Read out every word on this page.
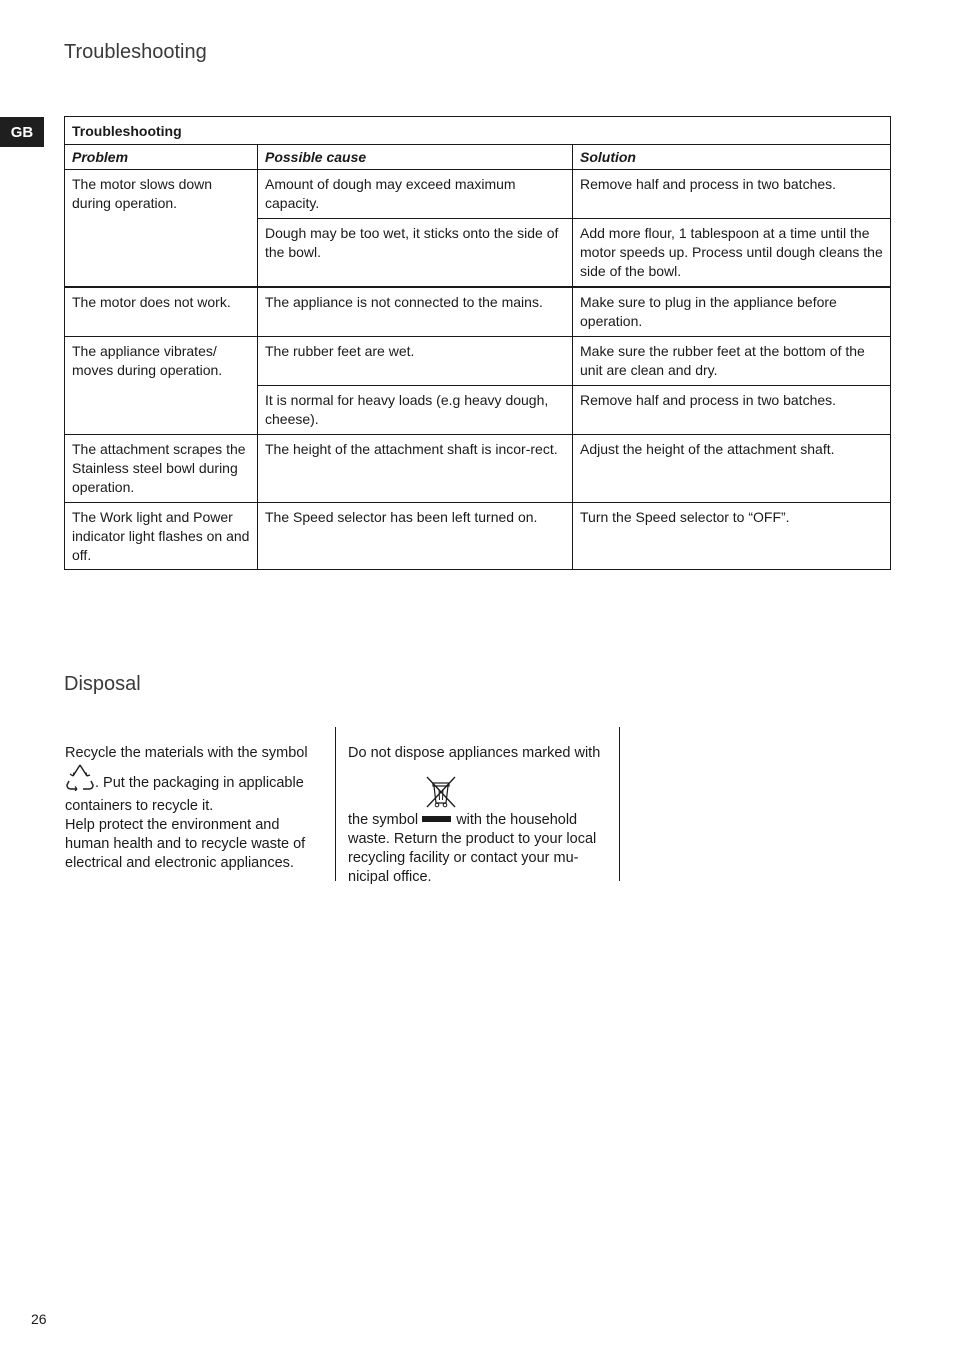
Troubleshooting
GB	Troubleshooting		
Problem	Possible cause	Solution
The motor slows down during operation.	Amount of dough may exceed maximum capacity.	Remove half and process in two batches.
	Dough may be too wet, it sticks onto the side of the bowl.	Add more flour, 1 tablespoon at a time until the motor speeds up. Process until dough cleans the side of the bowl.
The motor does not work.	The appliance is not connected to the mains.	Make sure to plug in the appliance before operation.
The appliance vibrates/ moves during operation.	The rubber feet are wet.	Make sure the rubber feet at the bottom of the unit are clean and dry.
	It is normal for heavy loads (e.g heavy dough, cheese).	Remove half and process in two batches.
The attachment scrapes the Stainless steel bowl during operation.	The height of the attachment shaft is incor-rect.	Adjust the height of the attachment shaft.
The Work light and Power indicator light flashes on and off.	The Speed selector has been left turned on.	Turn the Speed selector to “OFF”.
Disposal
Recycle the materials with the symbol
. Put the packaging in applicable containers to recycle it.
Help protect the environment and human health and to recycle waste of electrical and electronic appliances.
Do not dispose appliances marked with
the symbol	with the household waste. Return the product to your local recycling facility or contact your mu-nicipal office.
26
